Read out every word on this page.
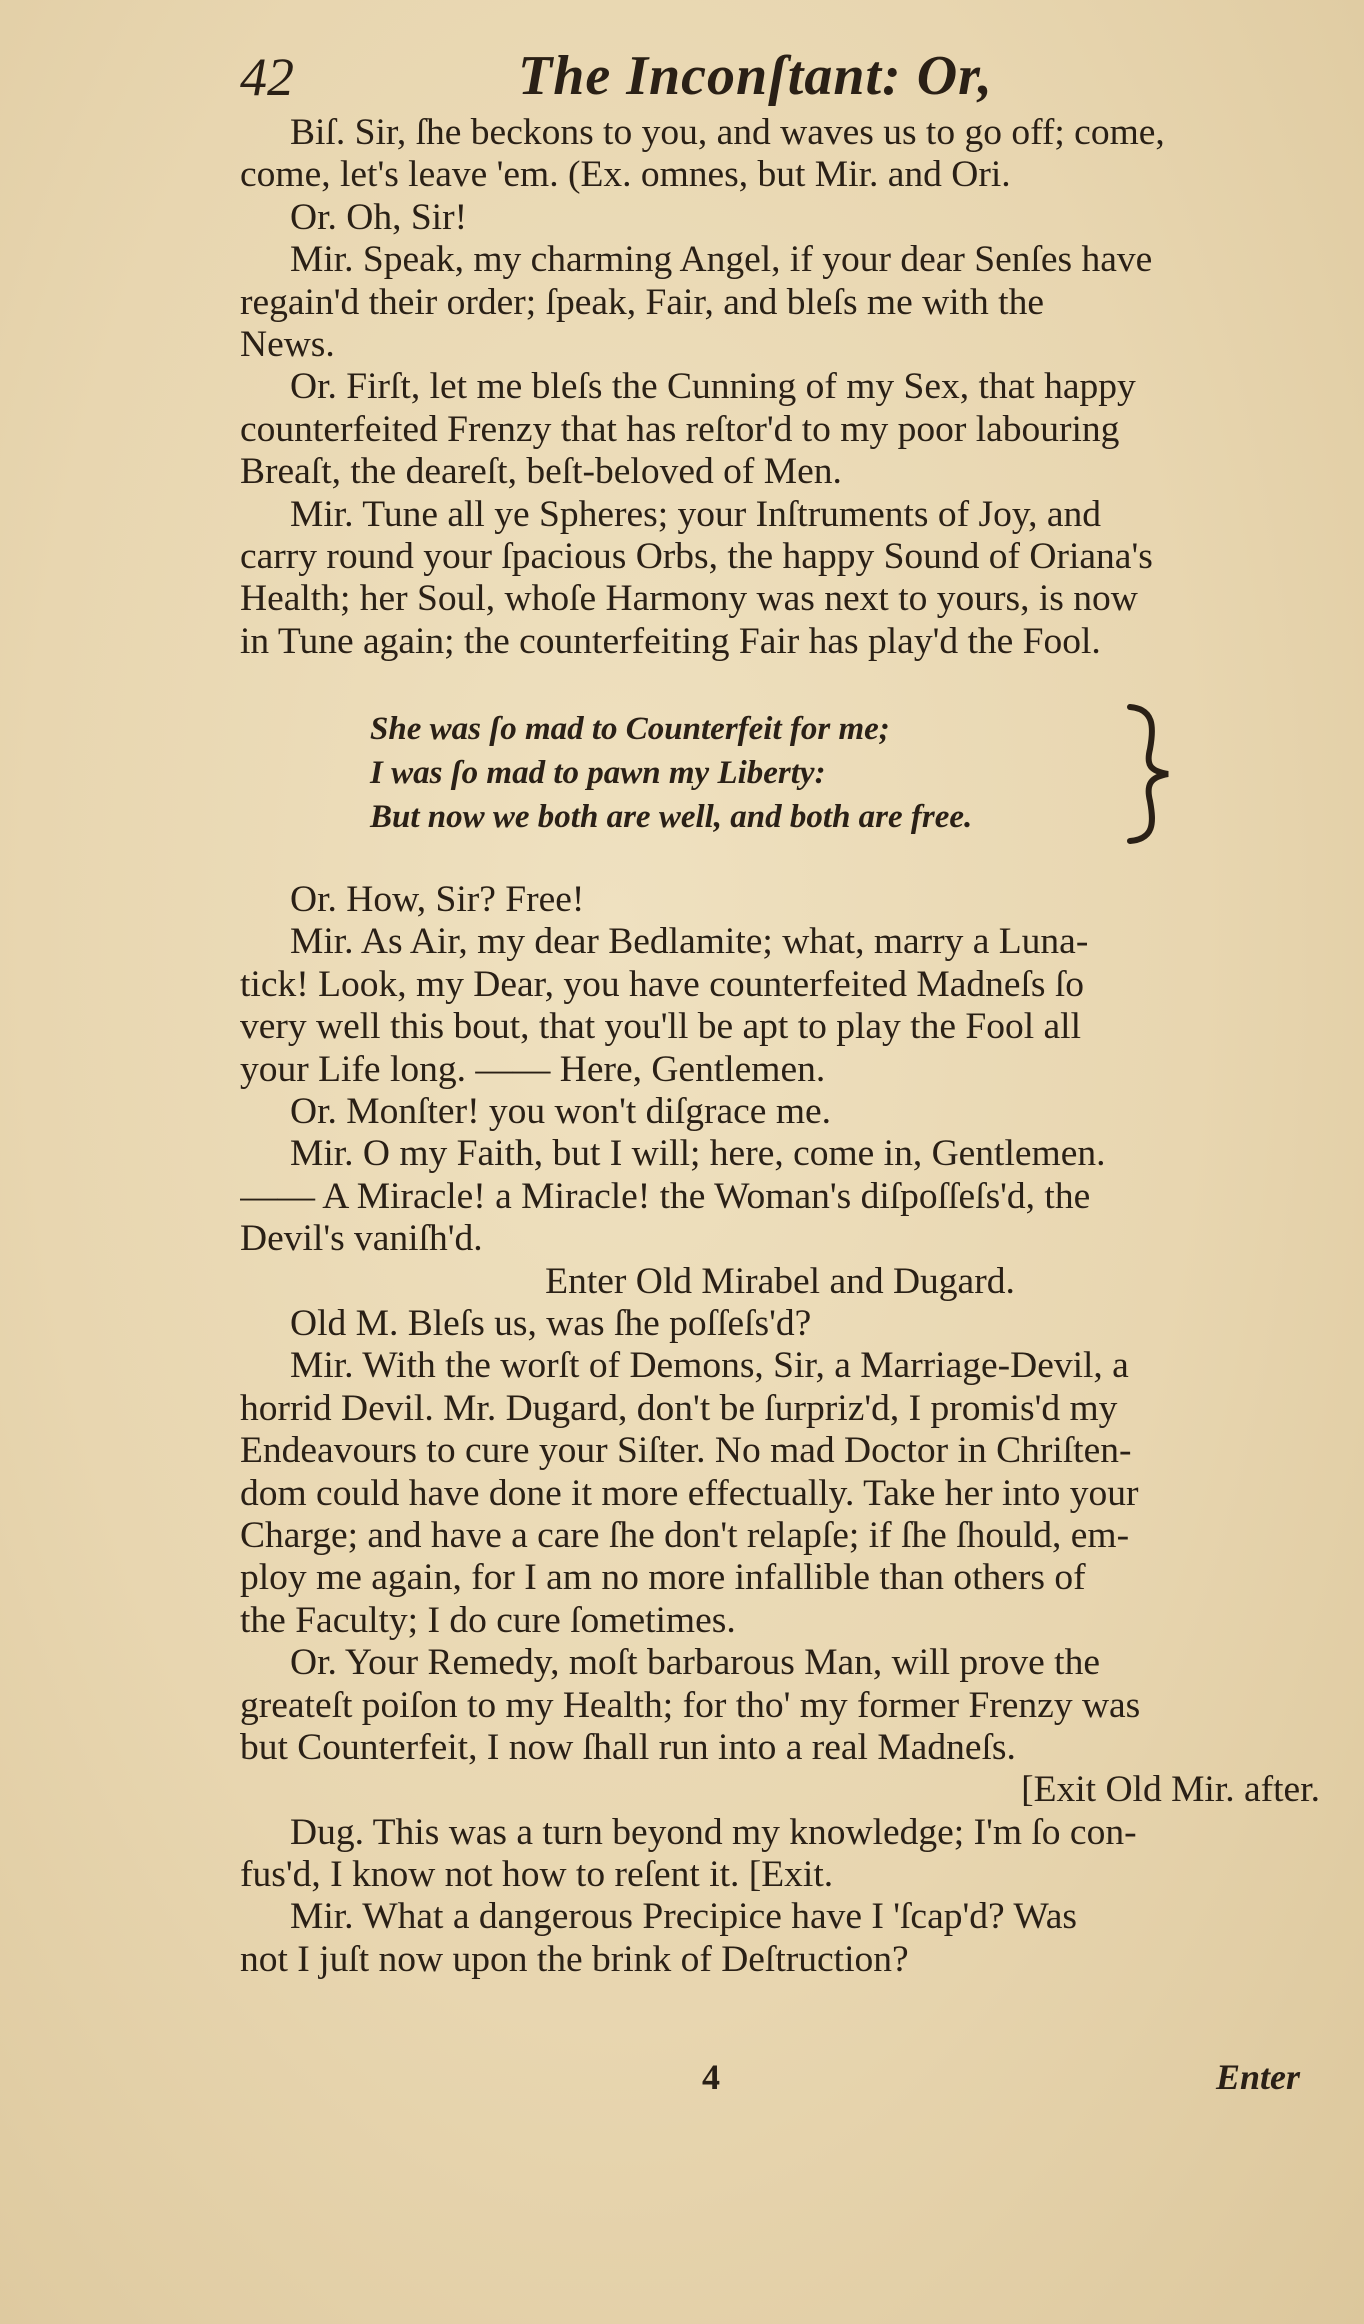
42	The Inconſtant: Or,
Biſ. Sir, ſhe beckons to you, and waves us to go off; come,
come, let's leave 'em. (Ex. omnes, but Mir. and Ori.
Or. Oh, Sir!
Mir. Speak, my charming Angel, if your dear Senſes have
regain'd their order; ſpeak, Fair, and bleſs me with the
News.
Or. Firſt, let me bleſs the Cunning of my Sex, that happy
counterfeited Frenzy that has reſtor'd to my poor labouring
Breaſt, the deareſt, beſt-beloved of Men.
Mir. Tune all ye Spheres; your Inſtruments of Joy, and
carry round your ſpacious Orbs, the happy Sound of Oriana's
Health; her Soul, whoſe Harmony was next to yours, is now
in Tune again; the counterfeiting Fair has play'd the Fool.
She was ſo mad to Counterfeit for me;
I was ſo mad to pawn my Liberty:
But now we both are well, and both are free.
Or. How, Sir? Free!
Mir. As Air, my dear Bedlamite; what, marry a Luna-
tick! Look, my Dear, you have counterfeited Madneſs ſo
very well this bout, that you'll be apt to play the Fool all
your Life long. —— Here, Gentlemen.
Or. Monſter! you won't diſgrace me.
Mir. O my Faith, but I will; here, come in, Gentlemen.
—— A Miracle! a Miracle! the Woman's diſpoſſeſs'd, the
Devil's vaniſh'd.
Enter Old Mirabel and Dugard.
Old M. Bleſs us, was ſhe poſſeſs'd?
Mir. With the worſt of Demons, Sir, a Marriage-Devil, a
horrid Devil. Mr. Dugard, don't be ſurpriz'd, I promis'd my
Endeavours to cure your Siſter. No mad Doctor in Chriſten-
dom could have done it more effectually. Take her into your
Charge; and have a care ſhe don't relapſe; if ſhe ſhould, em-
ploy me again, for I am no more infallible than others of
the Faculty; I do cure ſometimes.
Or. Your Remedy, moſt barbarous Man, will prove the
greateſt poiſon to my Health; for tho' my former Frenzy was
but Counterfeit, I now ſhall run into a real Madneſs.
[Exit Old Mir. after.
Dug. This was a turn beyond my knowledge; I'm ſo con-
fus'd, I know not how to reſent it. [Exit.
Mir. What a dangerous Precipice have I 'ſcap'd? Was
not I juſt now upon the brink of Deſtruction?
4	Enter
